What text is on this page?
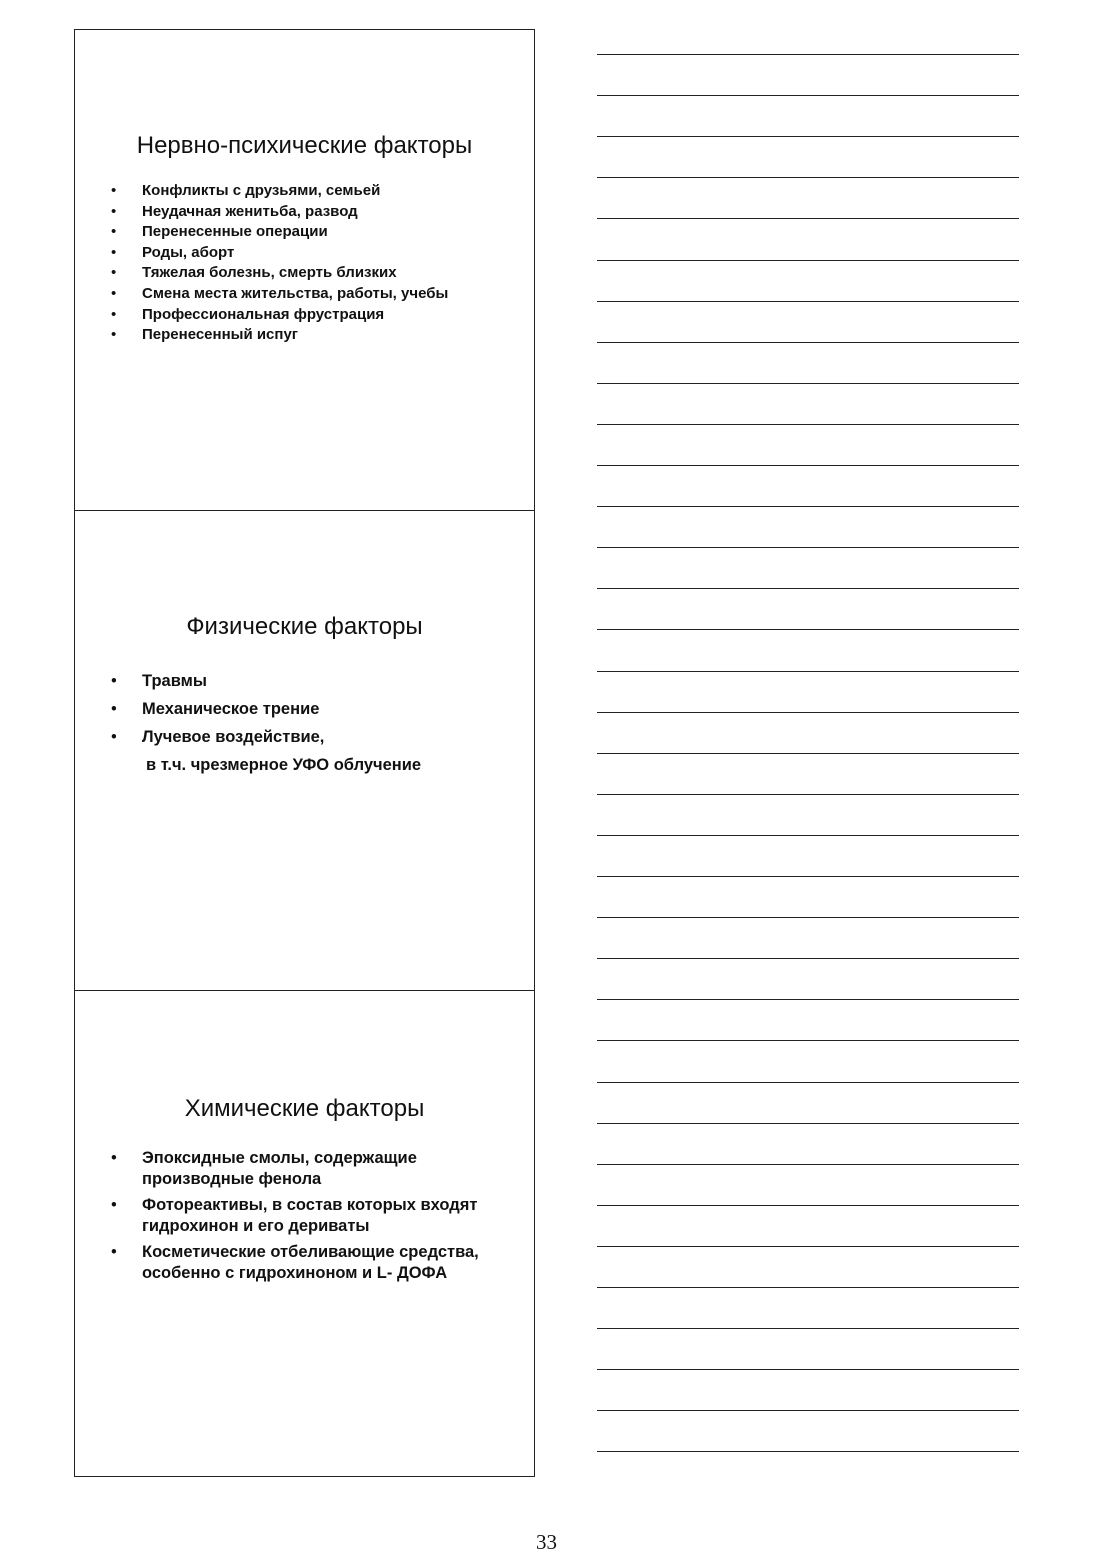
Нервно-психические факторы
• Конфликты с друзьями, семьей
• Неудачная женитьба, развод
• Перенесенные операции
• Роды, аборт
• Тяжелая болезнь, смерть близких
• Смена места жительства, работы, учебы
• Профессиональная фрустрация
• Перенесенный испуг
Физические факторы
• Травмы
• Механическое трение
• Лучевое воздействие,
в т.ч. чрезмерное УФО облучение
Химические факторы
• Эпоксидные смолы, содержащие производные фенола
• Фотореактивы, в состав которых входят гидрохинон и его дериваты
• Косметические отбеливающие средства, особенно с гидрохиноном и L- ДОФА
33
